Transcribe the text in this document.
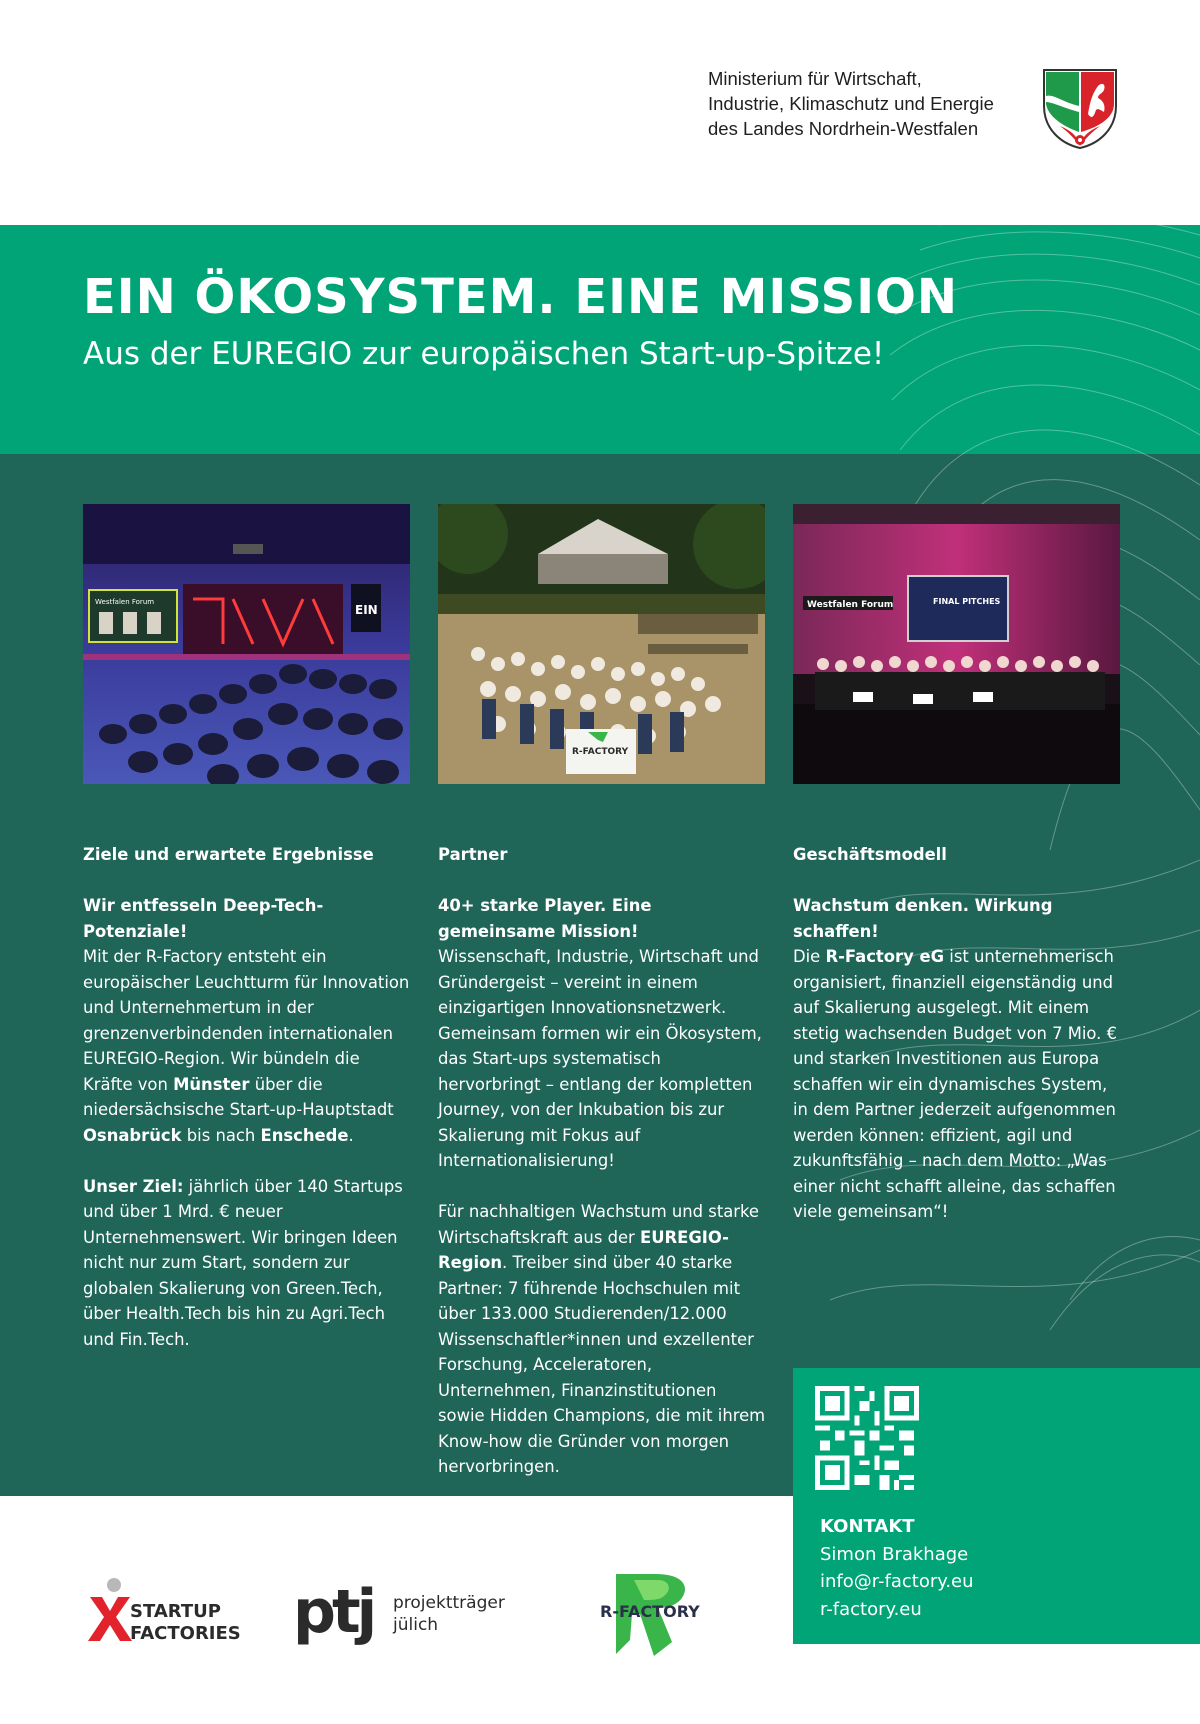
Ministerium für Wirtschaft,
Industrie, Klimaschutz und Energie
des Landes Nordrhein-Westfalen
EIN ÖKOSYSTEM. EINE MISSION
Aus der EUREGIO zur europäischen Start-up-Spitze!
Westfalen Forum
EIN
R-FACTORY
Westfalen Forum	FINAL PITCHES
Ziele und erwartete Ergebnisse
Wir entfesseln Deep-Tech-Potenziale!

Mit der R-Factory entsteht ein europäischer Leuchtturm für Innovation und Unternehmertum in der grenzenverbindenden internationalen EUREGIO-Region. Wir bündeln die Kräfte von Münster über die niedersächsische Start-up-Hauptstadt Osnabrück bis nach Enschede.

Unser Ziel: jährlich über 140 Startups und über 1 Mrd. € neuer Unternehmenswert. Wir bringen Ideen nicht nur zum Start, sondern zur globalen Skalierung von Green.Tech, über Health.Tech bis hin zu Agri.Tech und Fin.Tech.

Partner
40+ starke Player. Eine gemeinsame Mission!

Wissenschaft, Industrie, Wirtschaft und Gründergeist – vereint in einem einzigartigen Innovationsnetzwerk. Gemeinsam formen wir ein Ökosystem, das Start-ups systematisch hervorbringt – entlang der kompletten Journey, von der Inkubation bis zur Skalierung mit Fokus auf Internationalisierung!

Für nachhaltigen Wachstum und starke Wirtschaftskraft aus der EUREGIO-Region. Treiber sind über 40 starke Partner: 7 führende Hochschulen mit über 133.000 Studierenden/12.000 Wissenschaftler*innen und exzellenter Forschung, Acceleratoren, Unternehmen, Finanzinstitutionen sowie Hidden Champions, die mit ihrem Know-how die Gründer von morgen hervorbringen.

Geschäftsmodell
Wachstum denken. Wirkung schaffen!

Die R-Factory eG ist unternehmerisch organisiert, finanziell eigenständig und auf Skalierung ausgelegt. Mit einem stetig wachsenden Budget von 7 Mio. € und starken Investitionen aus Europa schaffen wir ein dynamisches System, in dem Partner jederzeit aufgenommen werden können: effizient, agil und zukunftsfähig – nach dem Motto: „Was einer nicht schafft alleine, das schaffen viele gemeinsam“!

KONTAKT
Simon Brakhage
info@r-factory.eu
r-factory.eu
STARTUP
FACTORIES ptj projektträger
jülich
R-FACTORY
